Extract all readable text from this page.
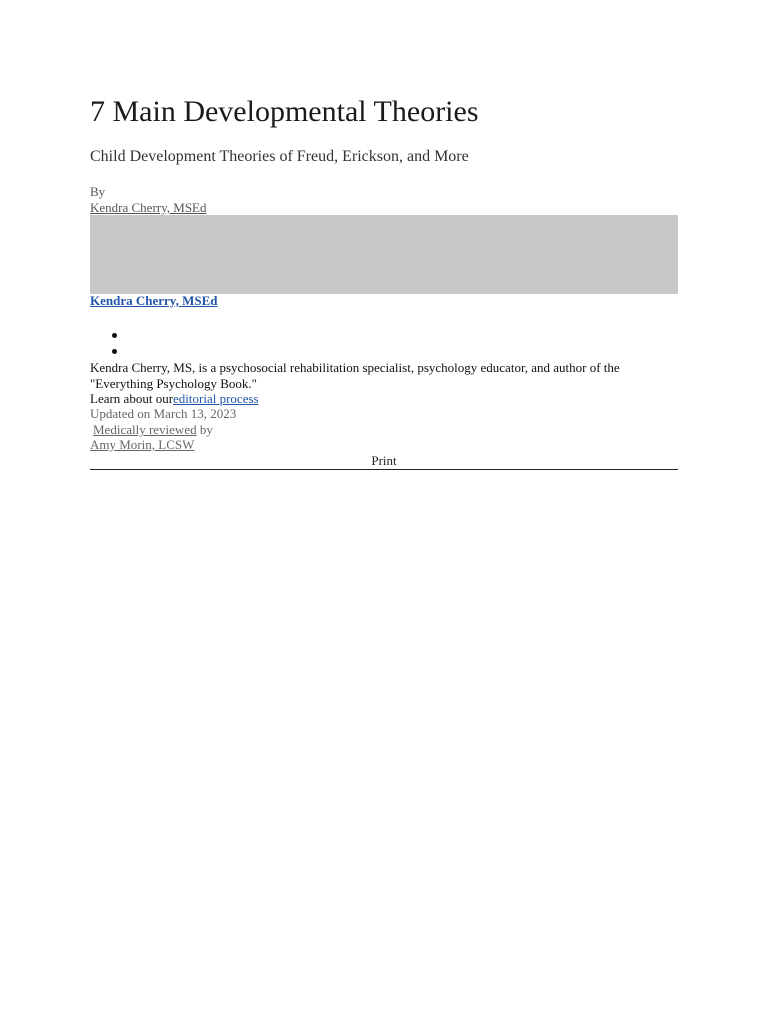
7 Main Developmental Theories
Child Development Theories of Freud, Erickson, and More
By
Kendra Cherry, MSEd
Kendra Cherry, MSEd
Kendra Cherry, MS, is a psychosocial rehabilitation specialist, psychology educator, and author of the "Everything Psychology Book."
Learn about oureditorial process
Updated on March 13, 2023
Medically reviewed by
Amy Morin, LCSW
Print
